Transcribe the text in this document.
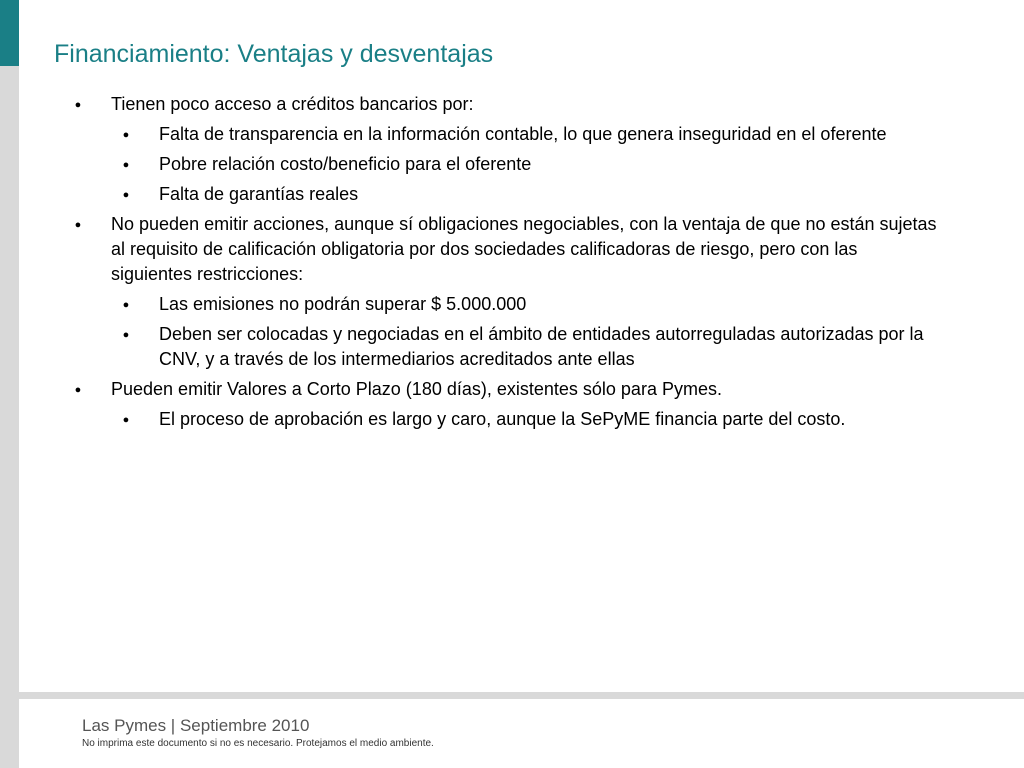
Financiamiento: Ventajas y desventajas
● Tienen poco acceso a créditos bancarios por:
● Falta de transparencia en la información contable, lo que genera inseguridad en el oferente
● Pobre relación costo/beneficio para el oferente
● Falta de garantías reales
● No pueden emitir acciones, aunque sí obligaciones negociables, con la ventaja de que no están sujetas al requisito de calificación obligatoria por dos sociedades calificadoras de riesgo, pero con las siguientes restricciones:
● Las emisiones no podrán superar $ 5.000.000
● Deben ser colocadas y negociadas en el ámbito de entidades autorreguladas autorizadas por la CNV, y a través de los intermediarios acreditados ante ellas
● Pueden emitir Valores a Corto Plazo (180 días), existentes sólo para Pymes.
● El proceso de aprobación es largo y caro, aunque la SePyME financia parte del costo.
Las Pymes | Septiembre 2010
No imprima este documento si no es necesario. Protejamos el medio ambiente.
